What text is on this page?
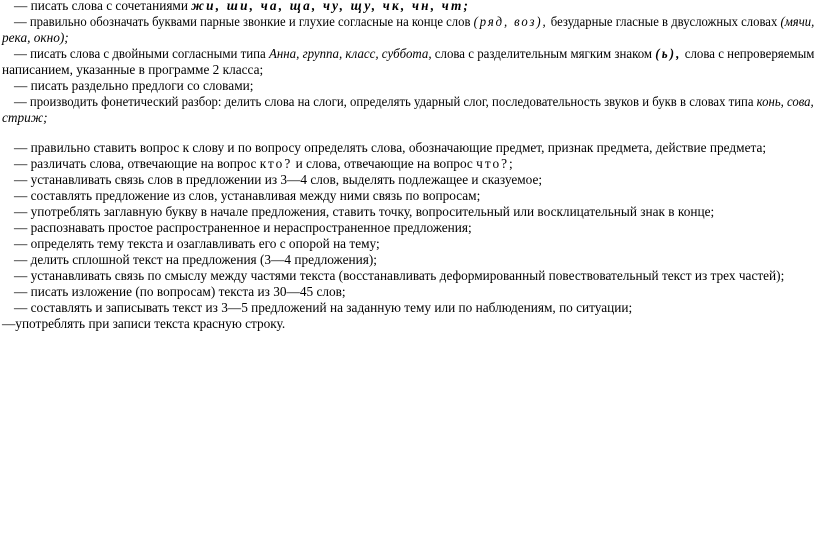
— писать слова с сочетаниями жи, ши, ча, ща, чу, щу, чк, чн, чт;
— правильно обозначать буквами парные звонкие и глухие согласные на конце слов (ряд, воз), безударные гласные в двусложных словах (мячи,
река, окно);
— писать слова с двойными согласными типа Анна, группа, класс, суббота, слова с разделительным мягким знаком (ь), слова с непроверяемым
написанием, указанные в программе 2 класса;
— писать раздельно предлоги со словами;
— производить фонетический разбор: делить слова на слоги, определять ударный слог, последовательность звуков и букв в словах типа конь, сова,
стриж;
— правильно ставить вопрос к слову и по вопросу определять слова, обозначающие предмет, признак предмета, действие предмета;
— различать слова, отвечающие на вопрос кто? и слова, отвечающие на вопрос что?;
— устанавливать связь слов в предложении из 3—4 слов, выделять подлежащее и сказуемое;
— составлять предложение из слов, устанавливая между ними связь по вопросам;
— употреблять заглавную букву в начале предложения, ставить точку, вопросительный или восклицательный знак в конце;
— распознавать простое распространенное и нераспространенное предложения;
— определять тему текста и озаглавливать его с опорой на тему;
— делить сплошной текст на предложения (3—4 предложения);
— устанавливать связь по смыслу между частями текста (восстанавливать деформированный повествовательный текст из трех частей);
— писать изложение (по вопросам) текста из 30—45 слов;
— составлять и записывать текст из 3—5 предложений на заданную тему или по наблюдениям, по ситуации;
—употреблять при записи текста красную строку.
